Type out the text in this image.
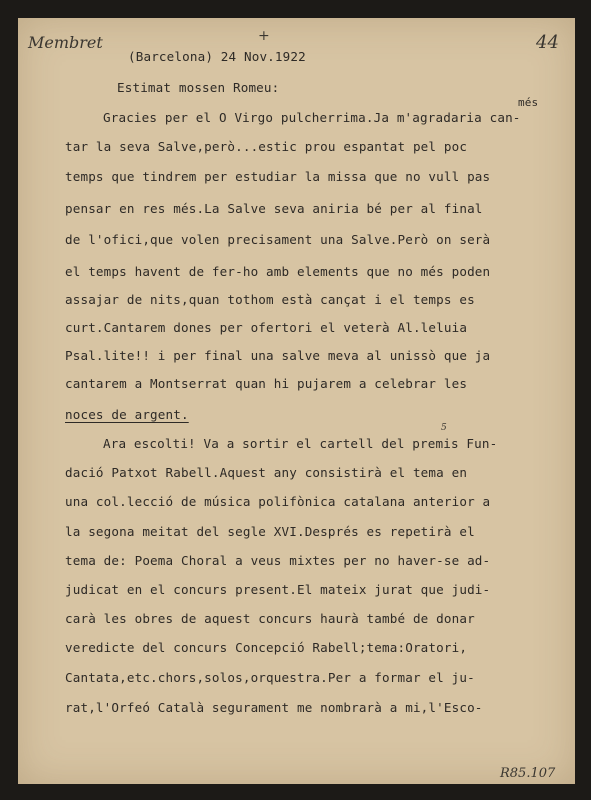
Membret	44
+
5
R85.107
(Barcelona) 24 Nov.1922
Estimat mossen Romeu:
més
Gracies per el O Virgo pulcherrima.Ja m'agradaria can-
tar la seva Salve,però...estic prou espantat pel poc
temps que tindrem per estudiar la missa que no vull pas
pensar en res més.La Salve seva aniria bé per al final
de l'ofici,que volen precisament una Salve.Però on serà
el temps havent de fer-ho amb elements que no més poden
assajar de nits,quan tothom està cançat i el temps es
curt.Cantarem dones per ofertori el veterà Al.leluia
Psal.lite!! i per final una salve meva al unissò que ja
cantarem a Montserrat quan hi pujarem a celebrar les
noces de argent.
Ara escolti! Va a sortir el cartell del premis Fun-
dació Patxot Rabell.Aquest any consistirà el tema en
una col.lecció de música polifònica catalana anterior a
la segona meitat del segle XVI.Després es repetirà el
tema de: Poema Choral a veus mixtes per no haver-se ad-
judicat en el concurs present.El mateix jurat que judi-
carà les obres de aquest concurs haurà també de donar
veredicte del concurs Concepció Rabell;tema:Oratori,
Cantata,etc.chors,solos,orquestra.Per a formar el ju-
rat,l'Orfeó Català segurament me nombrarà a mi,l'Esco-
